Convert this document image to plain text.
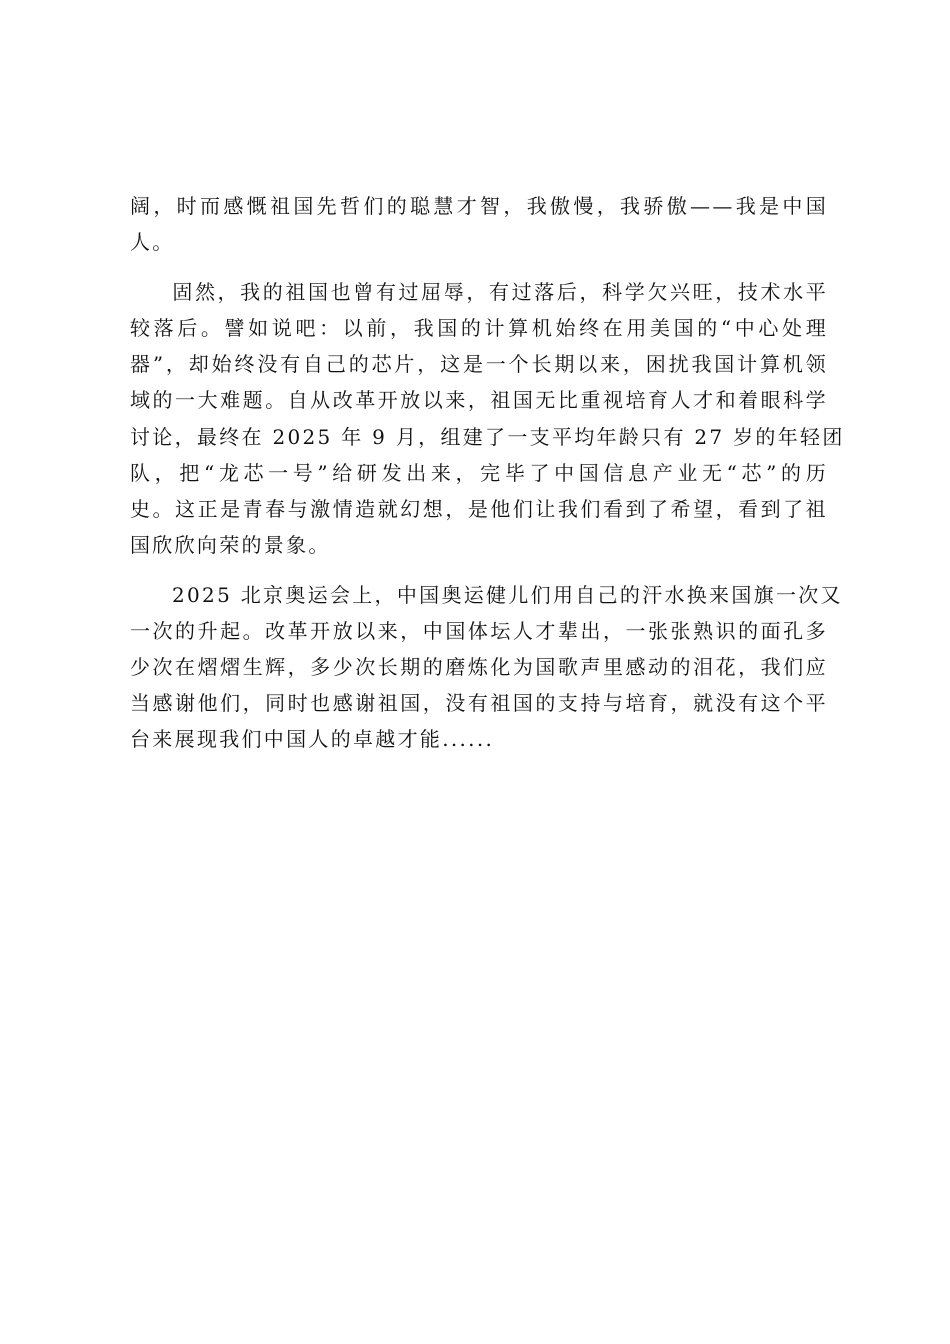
阔，时而感慨祖国先哲们的聪慧才智，我傲慢，我骄傲——我是中国
人。
固然，我的祖国也曾有过屈辱，有过落后，科学欠兴旺，技术水平
较落后。譬如说吧：以前，我国的计算机始终在用美国的“中心处理
器”，却始终没有自己的芯片，这是一个长期以来，困扰我国计算机领
域的一大难题。自从改革开放以来，祖国无比重视培育人才和着眼科学
讨论，最终在 2025 年 9 月，组建了一支平均年龄只有 27 岁的年轻团
队，把“龙芯一号”给研发出来，完毕了中国信息产业无“芯”的历
史。这正是青春与激情造就幻想，是他们让我们看到了希望，看到了祖
国欣欣向荣的景象。
2025 北京奥运会上，中国奥运健儿们用自己的汗水换来国旗一次又
一次的升起。改革开放以来，中国体坛人才辈出，一张张熟识的面孔多
少次在熠熠生辉，多少次长期的磨炼化为国歌声里感动的泪花，我们应
当感谢他们，同时也感谢祖国，没有祖国的支持与培育，就没有这个平
台来展现我们中国人的卓越才能......
